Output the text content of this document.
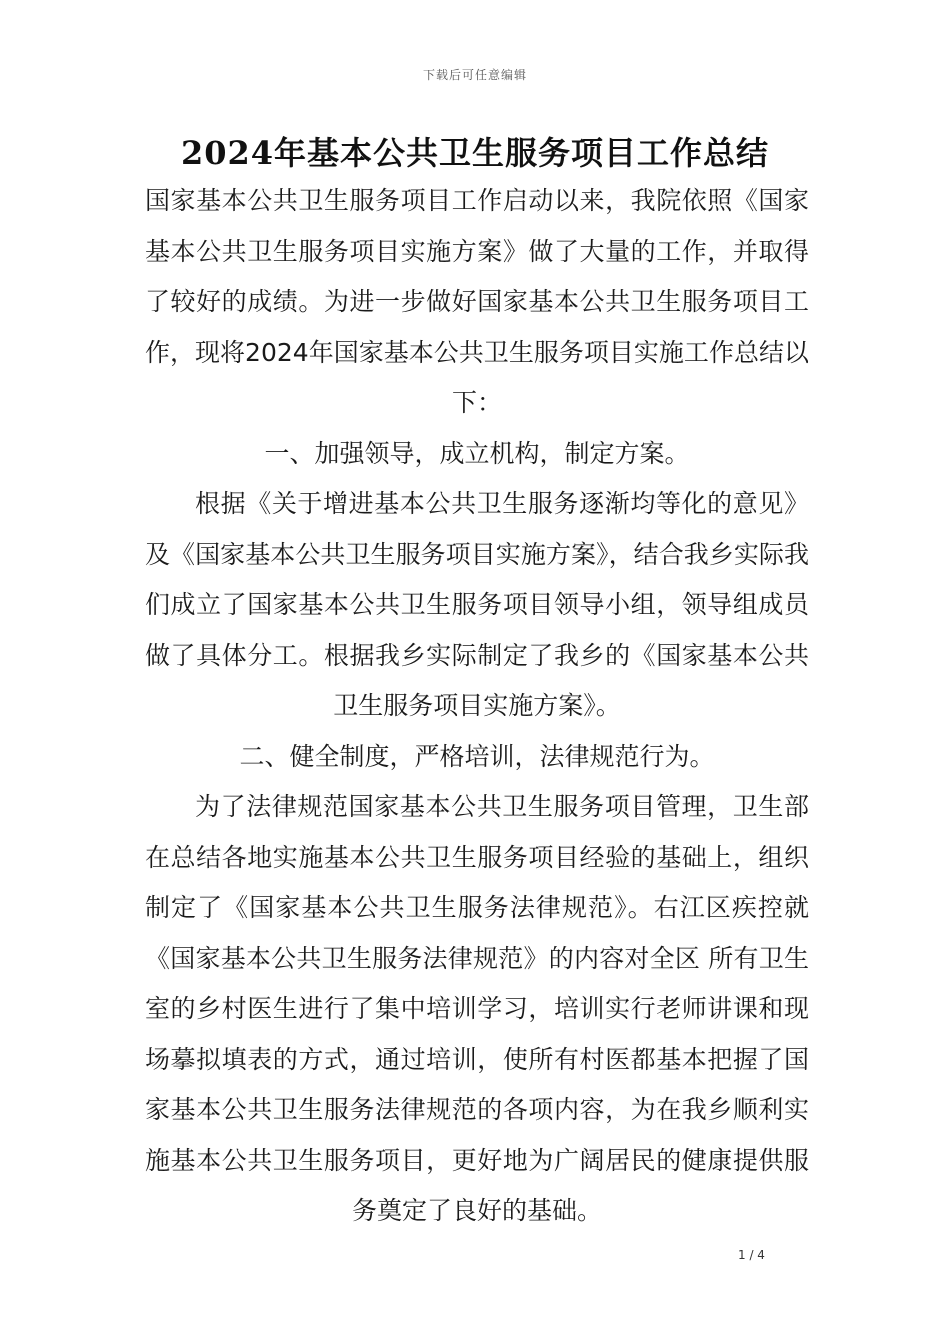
下载后可任意编辑
2024年基本公共卫生服务项目工作总结

国家基本公共卫生服务项目工作启动以来，我院依照《国家基本公共卫生服务项目实施方案》做了大量的工作，并取得了较好的成绩。为进一步做好国家基本公共卫生服务项目工作，现将2024年国家基本公共卫生服务项目实施工作总结以下：

一、加强领导，成立机构，制定方案。

根据《关于增进基本公共卫生服务逐渐均等化的意见》及《国家基本公共卫生服务项目实施方案》，结合我乡实际我们成立了国家基本公共卫生服务项目领导小组，领导组成员做了具体分工。根据我乡实际制定了我乡的《国家基本公共卫生服务项目实施方案》。

二、健全制度，严格培训，法律规范行为。

为了法律规范国家基本公共卫生服务项目管理，卫生部在总结各地实施基本公共卫生服务项目经验的基础上，组织制定了《国家基本公共卫生服务法律规范》。右江区疾控就《国家基本公共卫生服务法律规范》的内容对全区 所有卫生室的乡村医生进行了集中培训学习，培训实行老师讲课和现场摹拟填表的方式，通过培训，使所有村医都基本把握了国家基本公共卫生服务法律规范的各项内容，为在我乡顺利实施基本公共卫生服务项目，更好地为广阔居民的健康提供服务奠定了良好的基础。

1 / 4
